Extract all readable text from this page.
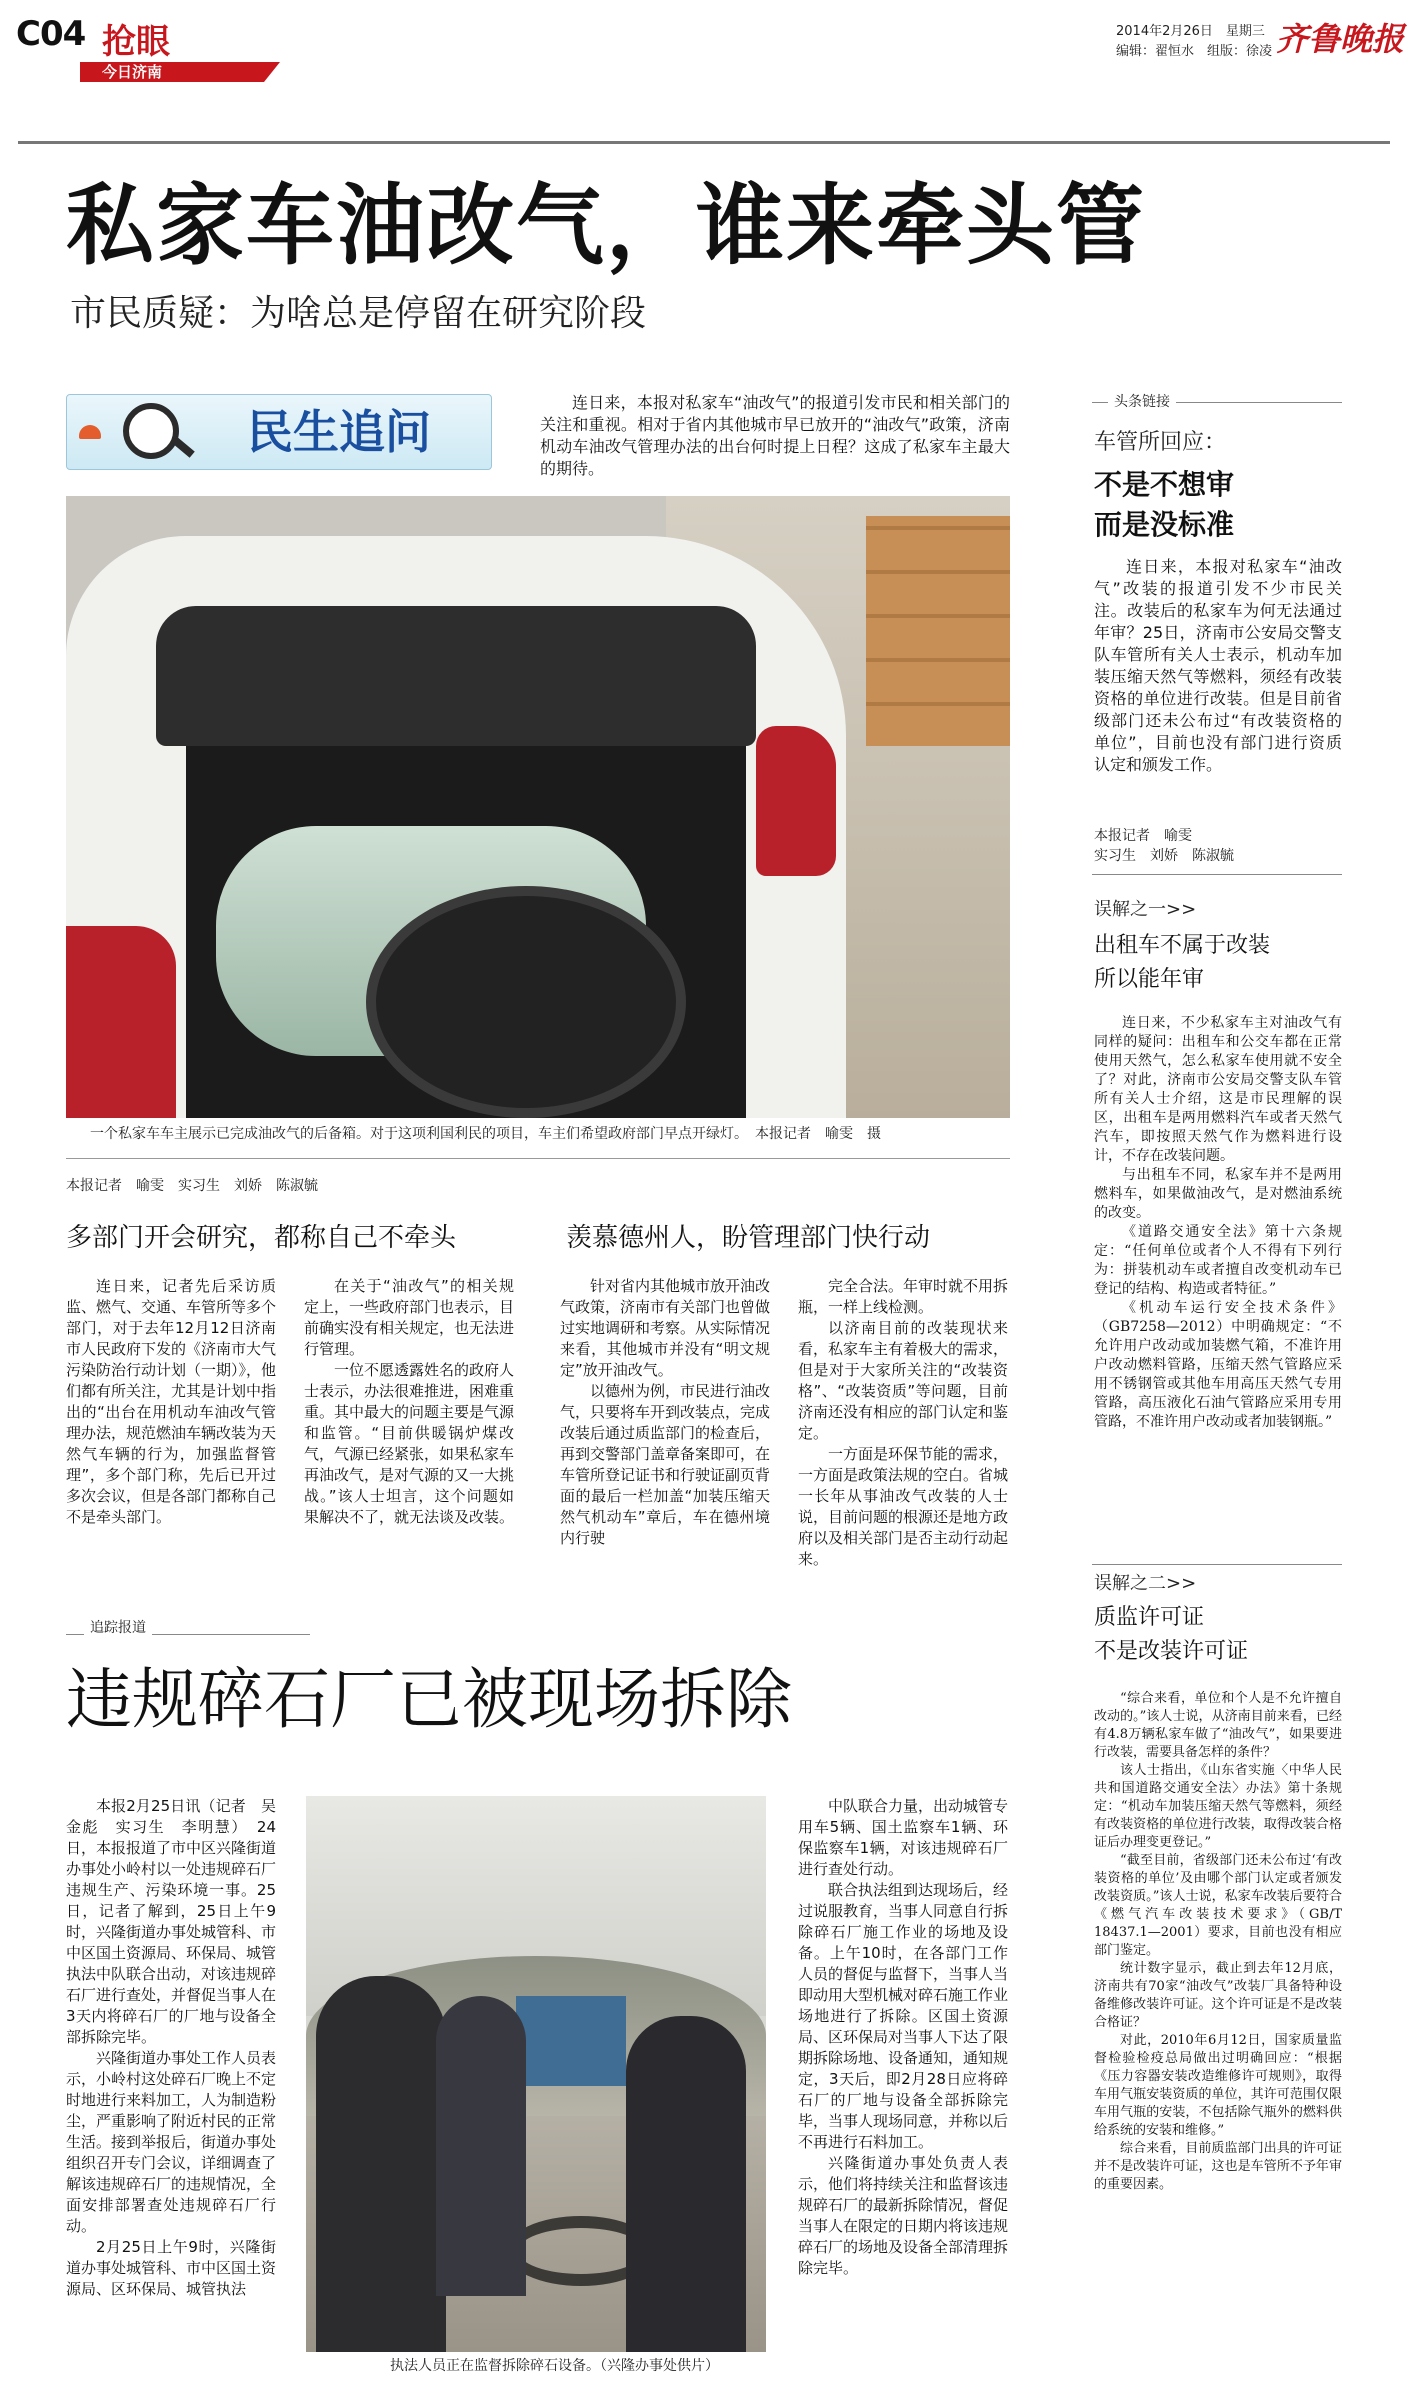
C04 抢眼
今日济南
2014年2月26日　星期三
编辑：翟恒水　组版：徐凌 齐鲁晚报
私家车油改气，谁来牵头管
市民质疑：为啥总是停留在研究阶段
民生追问

连日来，本报对私家车“油改气”的报道引发市民和相关部门的关注和重视。相对于省内其他城市早已放开的“油改气”政策，济南机动车油改气管理办法的出台何时提上日程？这成了私家车主最大的期待。

一个私家车车主展示已完成油改气的后备箱。对于这项利国利民的项目，车主们希望政府部门早点开绿灯。　本报记者　喻雯　摄
本报记者　喻雯　实习生　刘娇　陈淑毓
多部门开会研究，都称自己不牵头	羡慕德州人，盼管理部门快行动

连日来，记者先后采访质监、燃气、交通、车管所等多个部门，对于去年12月12日济南市人民政府下发的《济南市大气污染防治行动计划（一期）》，他们都有所关注，尤其是计划中指出的“出台在用机动车油改气管理办法，规范燃油车辆改装为天然气车辆的行为，加强监督管理”，多个部门称，先后已开过多次会议，但是各部门都称自己不是牵头部门。

在关于“油改气”的相关规定上，一些政府部门也表示，目前确实没有相关规定，也无法进行管理。

一位不愿透露姓名的政府人士表示，办法很难推进，困难重重。其中最大的问题主要是气源和监管。“目前供暖锅炉煤改气，气源已经紧张，如果私家车再油改气，是对气源的又一大挑战。”该人士坦言，这个问题如果解决不了，就无法谈及改装。

针对省内其他城市放开油改气政策，济南市有关部门也曾做过实地调研和考察。从实际情况来看，其他城市并没有“明文规定”放开油改气。

以德州为例，市民进行油改气，只要将车开到改装点，完成改装后通过质监部门的检查后，再到交警部门盖章备案即可，在车管所登记证书和行驶证副页背面的最后一栏加盖“加装压缩天然气机动车”章后，车在德州境内行驶

完全合法。年审时就不用拆瓶，一样上线检测。

以济南目前的改装现状来看，私家车主有着极大的需求，但是对于大家所关注的“改装资格”、“改装资质”等问题，目前济南还没有相应的部门认定和鉴定。

一方面是环保节能的需求，一方面是政策法规的空白。省城一长年从事油改气改装的人士说，目前问题的根源还是地方政府以及相关部门是否主动行动起来。

追踪报道
违规碎石厂已被现场拆除

本报2月25日讯（记者　吴金彪　实习生　李明慧）　24日，本报报道了市中区兴隆街道办事处小岭村以一处违规碎石厂违规生产、污染环境一事。25日，记者了解到，25日上午9时，兴隆街道办事处城管科、市中区国土资源局、环保局、城管执法中队联合出动，对该违规碎石厂进行查处，并督促当事人在3天内将碎石厂的厂地与设备全部拆除完毕。

兴隆街道办事处工作人员表示，小岭村这处碎石厂晚上不定时地进行来料加工，人为制造粉尘，严重影响了附近村民的正常生活。接到举报后，街道办事处组织召开专门会议，详细调查了解该违规碎石厂的违规情况，全面安排部署查处违规碎石厂行动。

2月25日上午9时，兴隆街道办事处城管科、市中区国土资源局、区环保局、城管执法

执法人员正在监督拆除碎石设备。（兴隆办事处供片）

中队联合力量，出动城管专用车5辆、国土监察车1辆、环保监察车1辆，对该违规碎石厂进行查处行动。

联合执法组到达现场后，经过说服教育，当事人同意自行拆除碎石厂施工作业的场地及设备。上午10时，在各部门工作人员的督促与监督下，当事人当即动用大型机械对碎石施工作业场地进行了拆除。区国土资源局、区环保局对当事人下达了限期拆除场地、设备通知，通知规定，3天后，即2月28日应将碎石厂的厂地与设备全部拆除完毕，当事人现场同意，并称以后不再进行石料加工。

兴隆街道办事处负责人表示，他们将持续关注和监督该违规碎石厂的最新拆除情况，督促当事人在限定的日期内将该违规碎石厂的场地及设备全部清理拆除完毕。

头条链接
车管所回应：
不是不想审
而是没标准

连日来，本报对私家车“油改气”改装的报道引发不少市民关注。改装后的私家车为何无法通过年审？25日，济南市公安局交警支队车管所有关人士表示，机动车加装压缩天然气等燃料，须经有改装资格的单位进行改装。但是目前省级部门还未公布过“有改装资格的单位”，目前也没有部门进行资质认定和颁发工作。

本报记者　喻雯
实习生　刘娇　陈淑毓
误解之一>>
出租车不属于改装
所以能年审

连日来，不少私家车主对油改气有同样的疑问：出租车和公交车都在正常使用天然气，怎么私家车使用就不安全了？对此，济南市公安局交警支队车管所有关人士介绍，这是市民理解的误区，出租车是两用燃料汽车或者天然气汽车，即按照天然气作为燃料进行设计，不存在改装问题。

与出租车不同，私家车并不是两用燃料车，如果做油改气，是对燃油系统的改变。

《道路交通安全法》第十六条规定：“任何单位或者个人不得有下列行为：拼装机动车或者擅自改变机动车已登记的结构、构造或者特征。”

《机动车运行安全技术条件》（GB7258—2012）中明确规定：“不允许用户改动或加装燃气箱，不准许用户改动燃料管路，压缩天然气管路应采用不锈钢管或其他车用高压天然气专用管路，高压液化石油气管路应采用专用管路，不准许用户改动或者加装钢瓶。”

误解之二>>
质监许可证
不是改装许可证

“综合来看，单位和个人是不允许擅自改动的。”该人士说，从济南目前来看，已经有4.8万辆私家车做了“油改气”，如果要进行改装，需要具备怎样的条件？

该人士指出，《山东省实施〈中华人民共和国道路交通安全法〉办法》第十条规定：“机动车加装压缩天然气等燃料，须经有改装资格的单位进行改装，取得改装合格证后办理变更登记。”

“截至目前，省级部门还未公布过‘有改装资格的单位’及由哪个部门认定或者颁发改装资质。”该人士说，私家车改装后要符合《燃气汽车改装技术要求》（GB/T 18437.1—2001）要求，目前也没有相应部门鉴定。

统计数字显示，截止到去年12月底，济南共有70家“油改气”改装厂具备特种设备维修改装许可证。这个许可证是不是改装合格证？

对此，2010年6月12日，国家质量监督检验检疫总局做出过明确回应：“根据《压力容器安装改造维修许可规则》，取得车用气瓶安装资质的单位，其许可范围仅限车用气瓶的安装，不包括除气瓶外的燃料供给系统的安装和维修。”

综合来看，目前质监部门出具的许可证并不是改装许可证，这也是车管所不予年审的重要因素。
